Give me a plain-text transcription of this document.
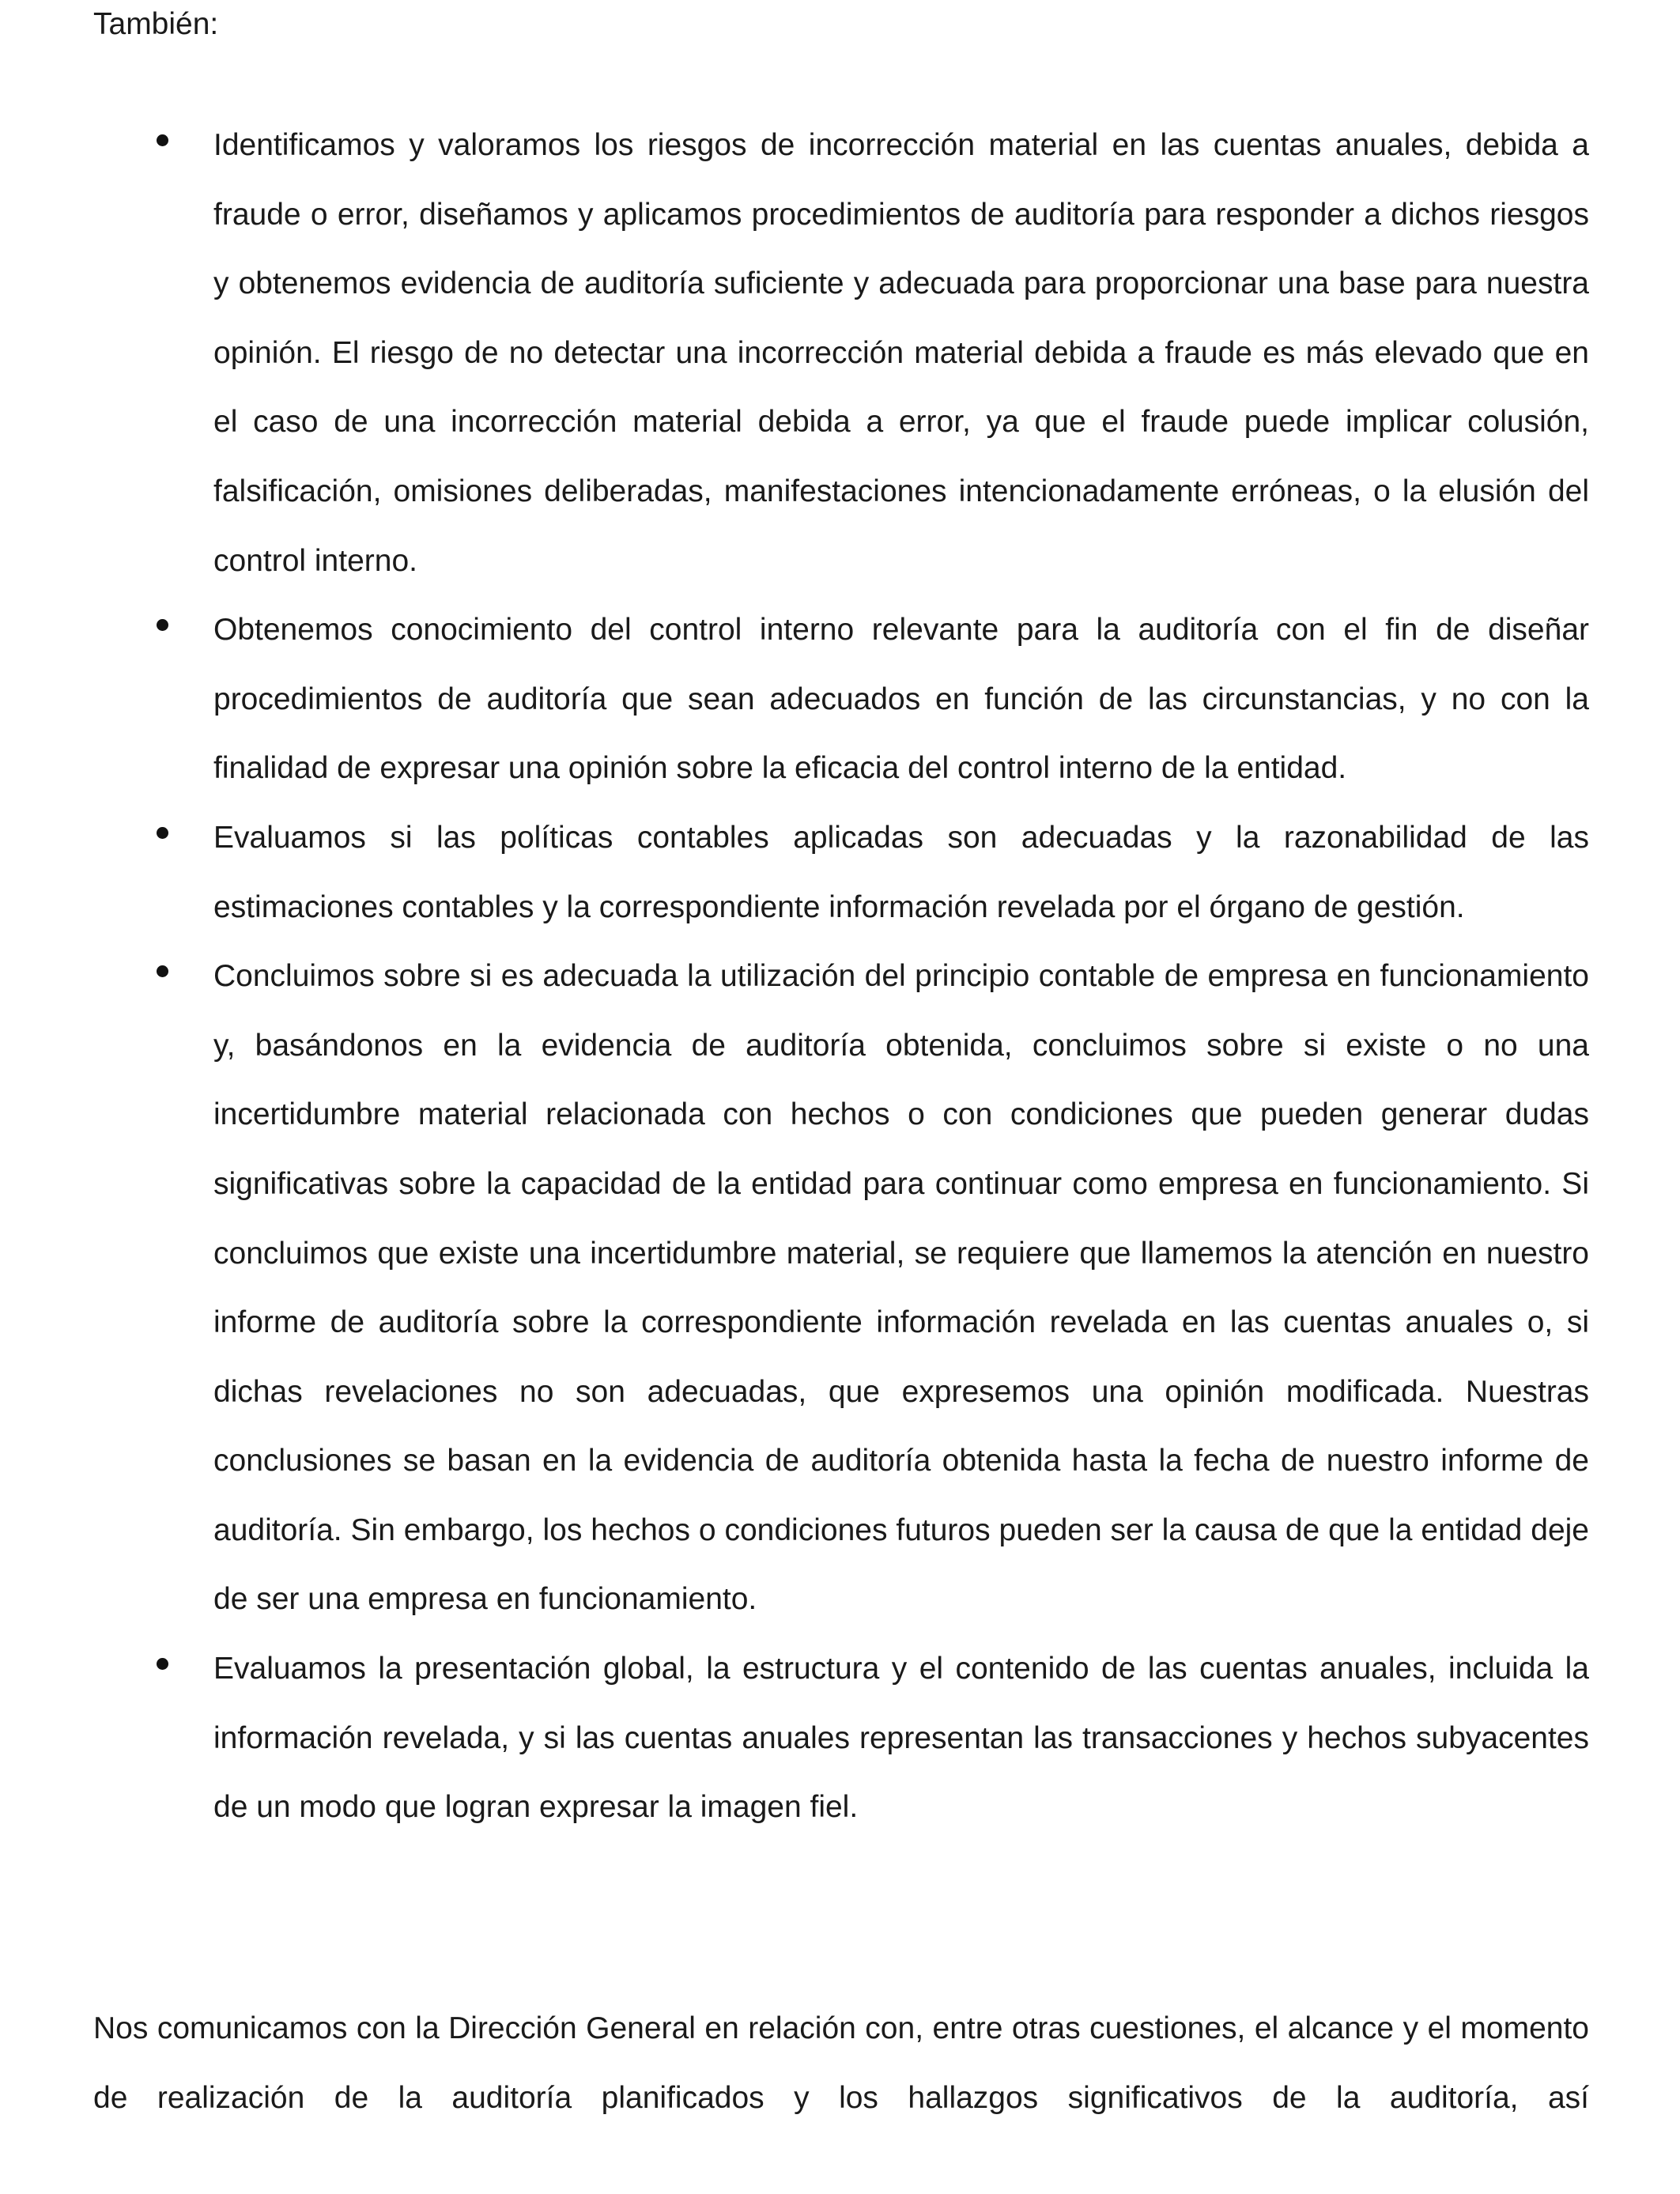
También:

Identificamos y valoramos los riesgos de incorrección material en las cuentas anuales, debida a fraude o error, diseñamos y aplicamos procedimientos de auditoría para responder a dichos riesgos y obtenemos evidencia de auditoría suficiente y adecuada para proporcionar una base para nuestra opinión. El riesgo de no detectar una incorrección material debida a fraude es más elevado que en el caso de una incorrección material debida a error, ya que el fraude puede implicar colusión, falsificación, omisiones deliberadas, manifestaciones intencionadamente erróneas, o la elusión del control interno.

Obtenemos conocimiento del control interno relevante para la auditoría con el fin de diseñar procedimientos de auditoría que sean adecuados en función de las circunstancias, y no con la finalidad de expresar una opinión sobre la eficacia del control interno de la entidad.

Evaluamos si las políticas contables aplicadas son adecuadas y la razonabilidad de las estimaciones contables y la correspondiente información revelada por el órgano de gestión.

Concluimos sobre si es adecuada la utilización del principio contable de empresa en funcionamiento y, basándonos en la evidencia de auditoría obtenida, concluimos sobre si existe o no una incertidumbre material relacionada con hechos o con condiciones que pueden generar dudas significativas sobre la capacidad de la entidad para continuar como empresa en funcionamiento. Si concluimos que existe una incertidumbre material, se requiere que llamemos la atención en nuestro informe de auditoría sobre la correspondiente información revelada en las cuentas anuales o, si dichas revelaciones no son adecuadas, que expresemos una opinión modificada. Nuestras conclusiones se basan en la evidencia de auditoría obtenida hasta la fecha de nuestro informe de auditoría. Sin embargo, los hechos o condiciones futuros pueden ser la causa de que la entidad deje de ser una empresa en funcionamiento.

Evaluamos la presentación global, la estructura y el contenido de las cuentas anuales, incluida la información revelada, y si las cuentas anuales representan las transacciones y hechos subyacentes de un modo que logran expresar la imagen fiel.

Nos comunicamos con la Dirección General en relación con, entre otras cuestiones, el alcance y el momento de realización de la auditoría planificados y los hallazgos significativos de la auditoría, así
